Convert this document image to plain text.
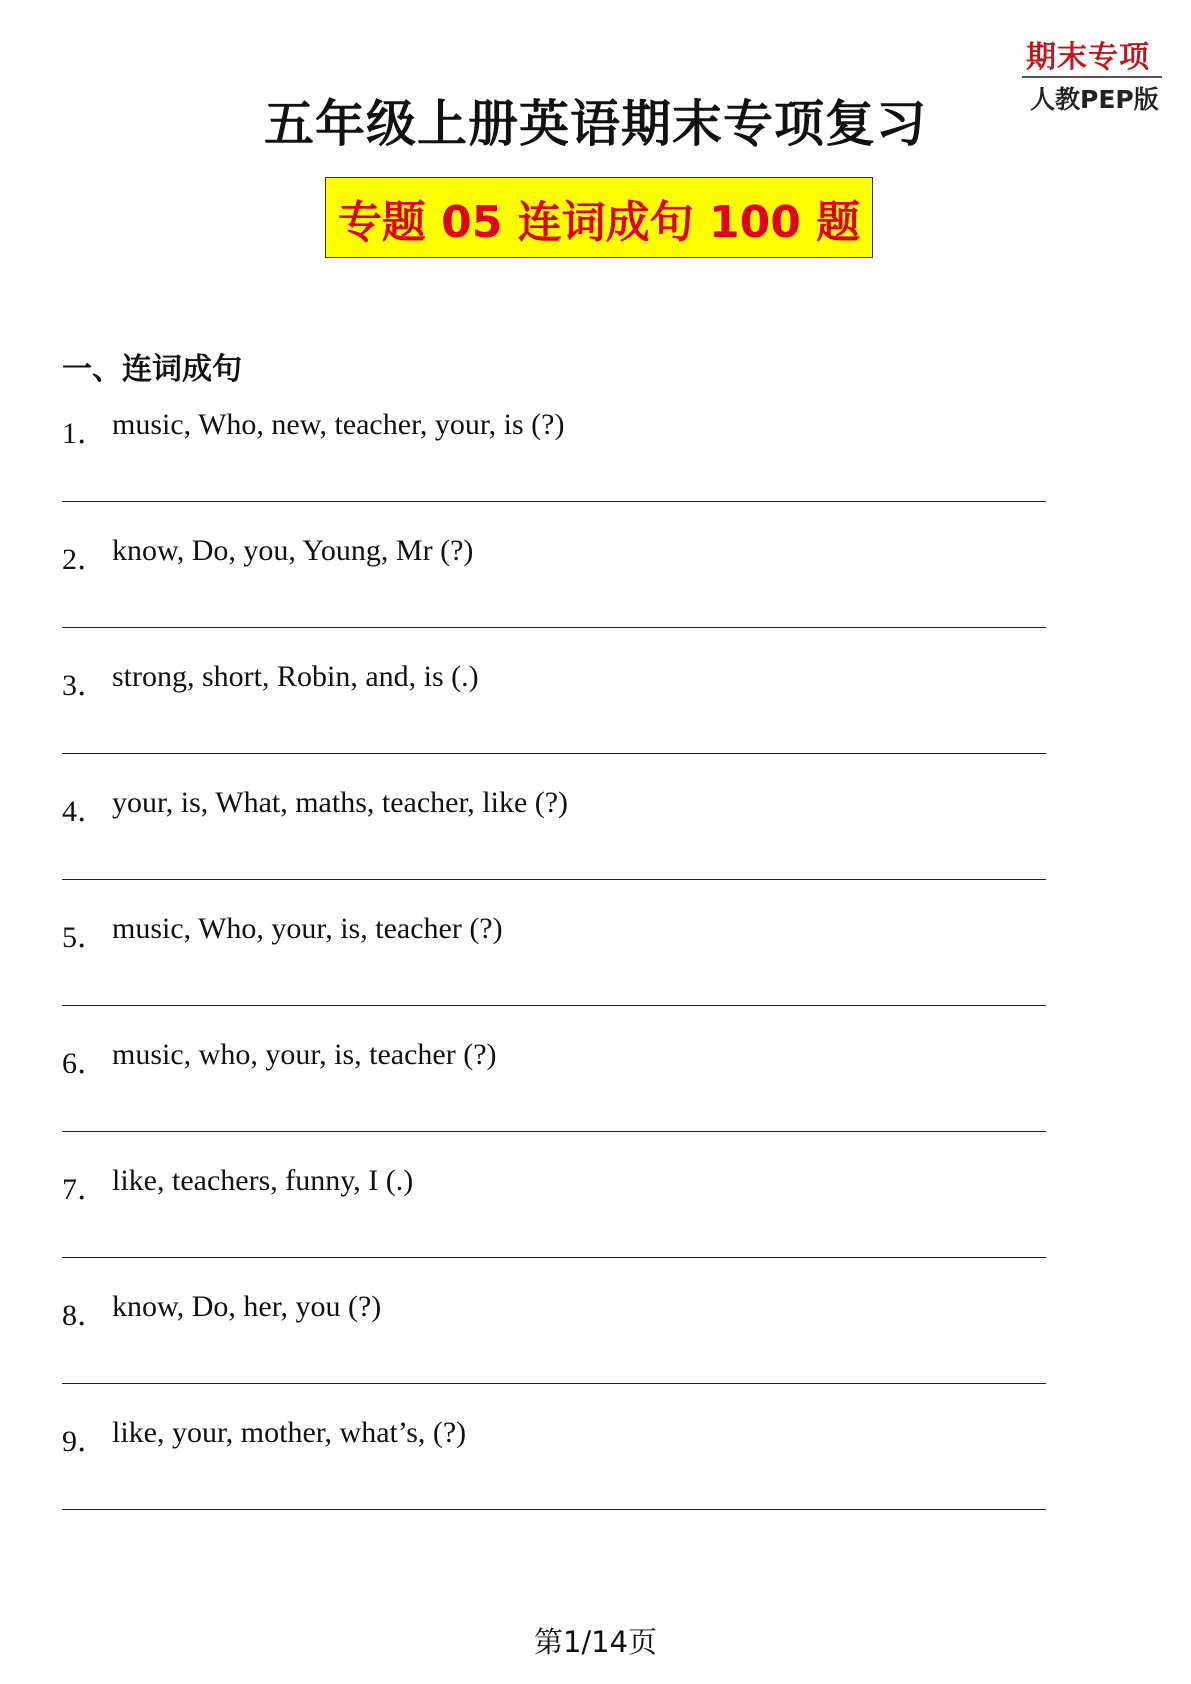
期末专项
人教PEP版
五年级上册英语期末专项复习
专题 05 连词成句 100 题
一、连词成句
1． music, Who, new, teacher, your, is (?)
2． know, Do, you, Young, Mr (?)
3． strong, short, Robin, and, is (.)
4． your, is, What, maths, teacher, like (?)
5． music, Who, your, is, teacher (?)
6． music, who, your, is, teacher (?)
7． like, teachers, funny, I (.)
8． know, Do, her, you (?)
9． like, your, mother, what’s, (?)
第1/14页
